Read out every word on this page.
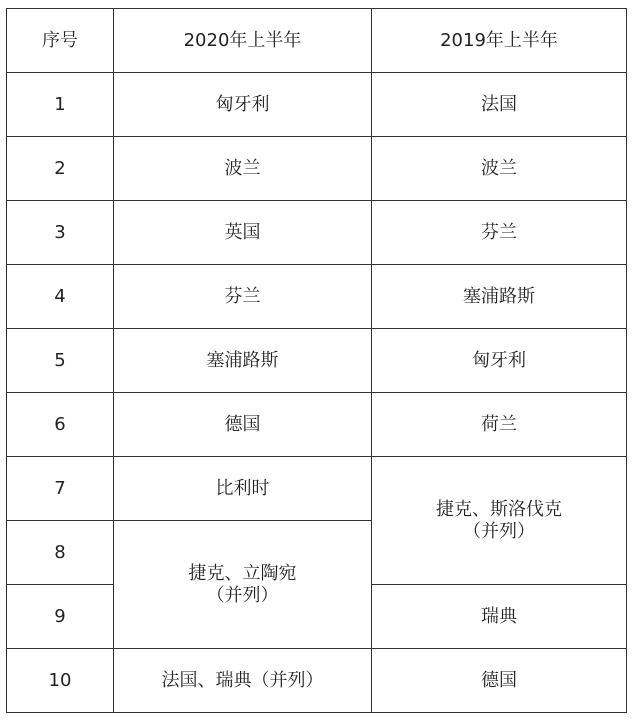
序号	2020年上半年	2019年上半年
1	匈牙利	法国
2	波兰	波兰
3	英国	芬兰
4	芬兰	塞浦路斯
5	塞浦路斯	匈牙利
6	德国	荷兰
7	比利时	捷克、斯洛伐克
（并列）

8	捷克、立陶宛
（并列）	

9		瑞典
10	法国、瑞典（并列）	德国
